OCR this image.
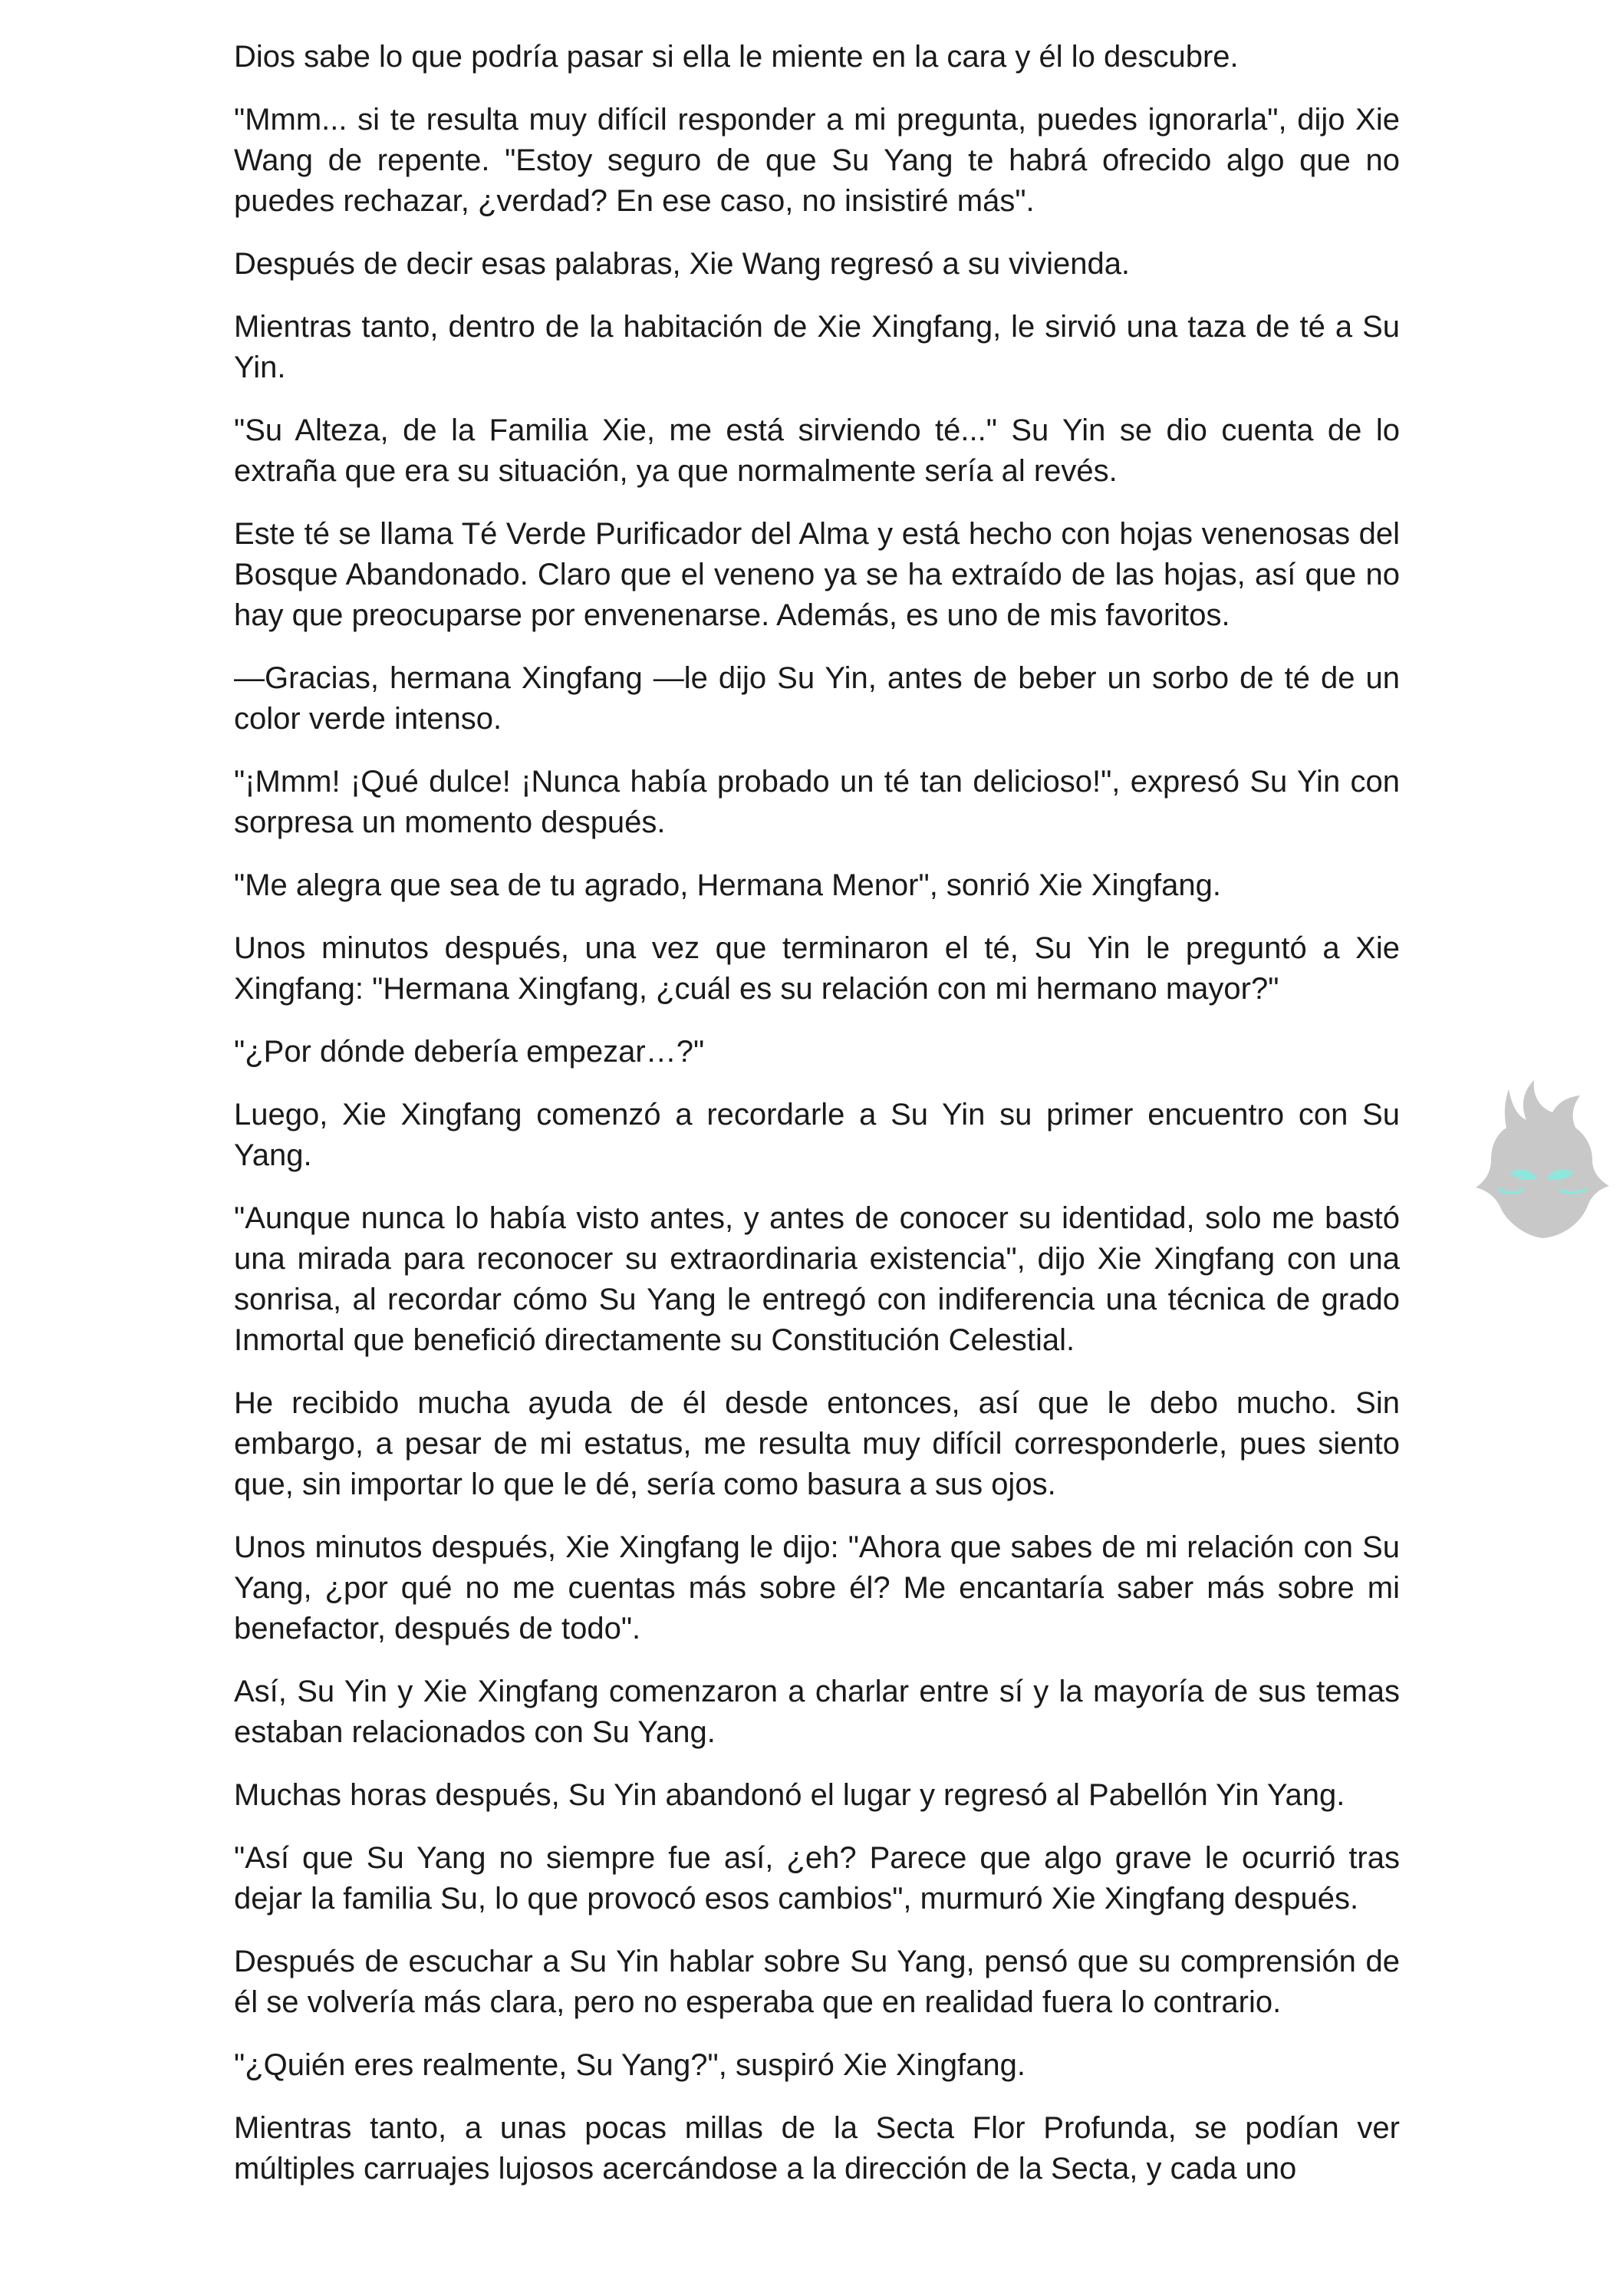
Dios sabe lo que podría pasar si ella le miente en la cara y él lo descubre.

"Mmm... si te resulta muy difícil responder a mi pregunta, puedes ignorarla", dijo Xie Wang de repente. "Estoy seguro de que Su Yang te habrá ofrecido algo que no puedes rechazar, ¿verdad? En ese caso, no insistiré más".

Después de decir esas palabras, Xie Wang regresó a su vivienda.

Mientras tanto, dentro de la habitación de Xie Xingfang, le sirvió una taza de té a Su Yin.

"Su Alteza, de la Familia Xie, me está sirviendo té..." Su Yin se dio cuenta de lo extraña que era su situación, ya que normalmente sería al revés.

Este té se llama Té Verde Purificador del Alma y está hecho con hojas venenosas del Bosque Abandonado. Claro que el veneno ya se ha extraído de las hojas, así que no hay que preocuparse por envenenarse. Además, es uno de mis favoritos.

—Gracias, hermana Xingfang —le dijo Su Yin, antes de beber un sorbo de té de un color verde intenso.

"¡Mmm! ¡Qué dulce! ¡Nunca había probado un té tan delicioso!", expresó Su Yin con sorpresa un momento después.

"Me alegra que sea de tu agrado, Hermana Menor", sonrió Xie Xingfang.

Unos minutos después, una vez que terminaron el té, Su Yin le preguntó a Xie Xingfang: "Hermana Xingfang, ¿cuál es su relación con mi hermano mayor?"

"¿Por dónde debería empezar…?"

Luego, Xie Xingfang comenzó a recordarle a Su Yin su primer encuentro con Su Yang.

"Aunque nunca lo había visto antes, y antes de conocer su identidad, solo me bastó una mirada para reconocer su extraordinaria existencia", dijo Xie Xingfang con una sonrisa, al recordar cómo Su Yang le entregó con indiferencia una técnica de grado Inmortal que benefició directamente su Constitución Celestial.

He recibido mucha ayuda de él desde entonces, así que le debo mucho. Sin embargo, a pesar de mi estatus, me resulta muy difícil corresponderle, pues siento que, sin importar lo que le dé, sería como basura a sus ojos.

Unos minutos después, Xie Xingfang le dijo: "Ahora que sabes de mi relación con Su Yang, ¿por qué no me cuentas más sobre él? Me encantaría saber más sobre mi benefactor, después de todo".

Así, Su Yin y Xie Xingfang comenzaron a charlar entre sí y la mayoría de sus temas estaban relacionados con Su Yang.

Muchas horas después, Su Yin abandonó el lugar y regresó al Pabellón Yin Yang.

"Así que Su Yang no siempre fue así, ¿eh? Parece que algo grave le ocurrió tras dejar la familia Su, lo que provocó esos cambios", murmuró Xie Xingfang después.

Después de escuchar a Su Yin hablar sobre Su Yang, pensó que su comprensión de él se volvería más clara, pero no esperaba que en realidad fuera lo contrario.

"¿Quién eres realmente, Su Yang?", suspiró Xie Xingfang.

Mientras tanto, a unas pocas millas de la Secta Flor Profunda, se podían ver múltiples carruajes lujosos acercándose a la dirección de la Secta, y cada uno
